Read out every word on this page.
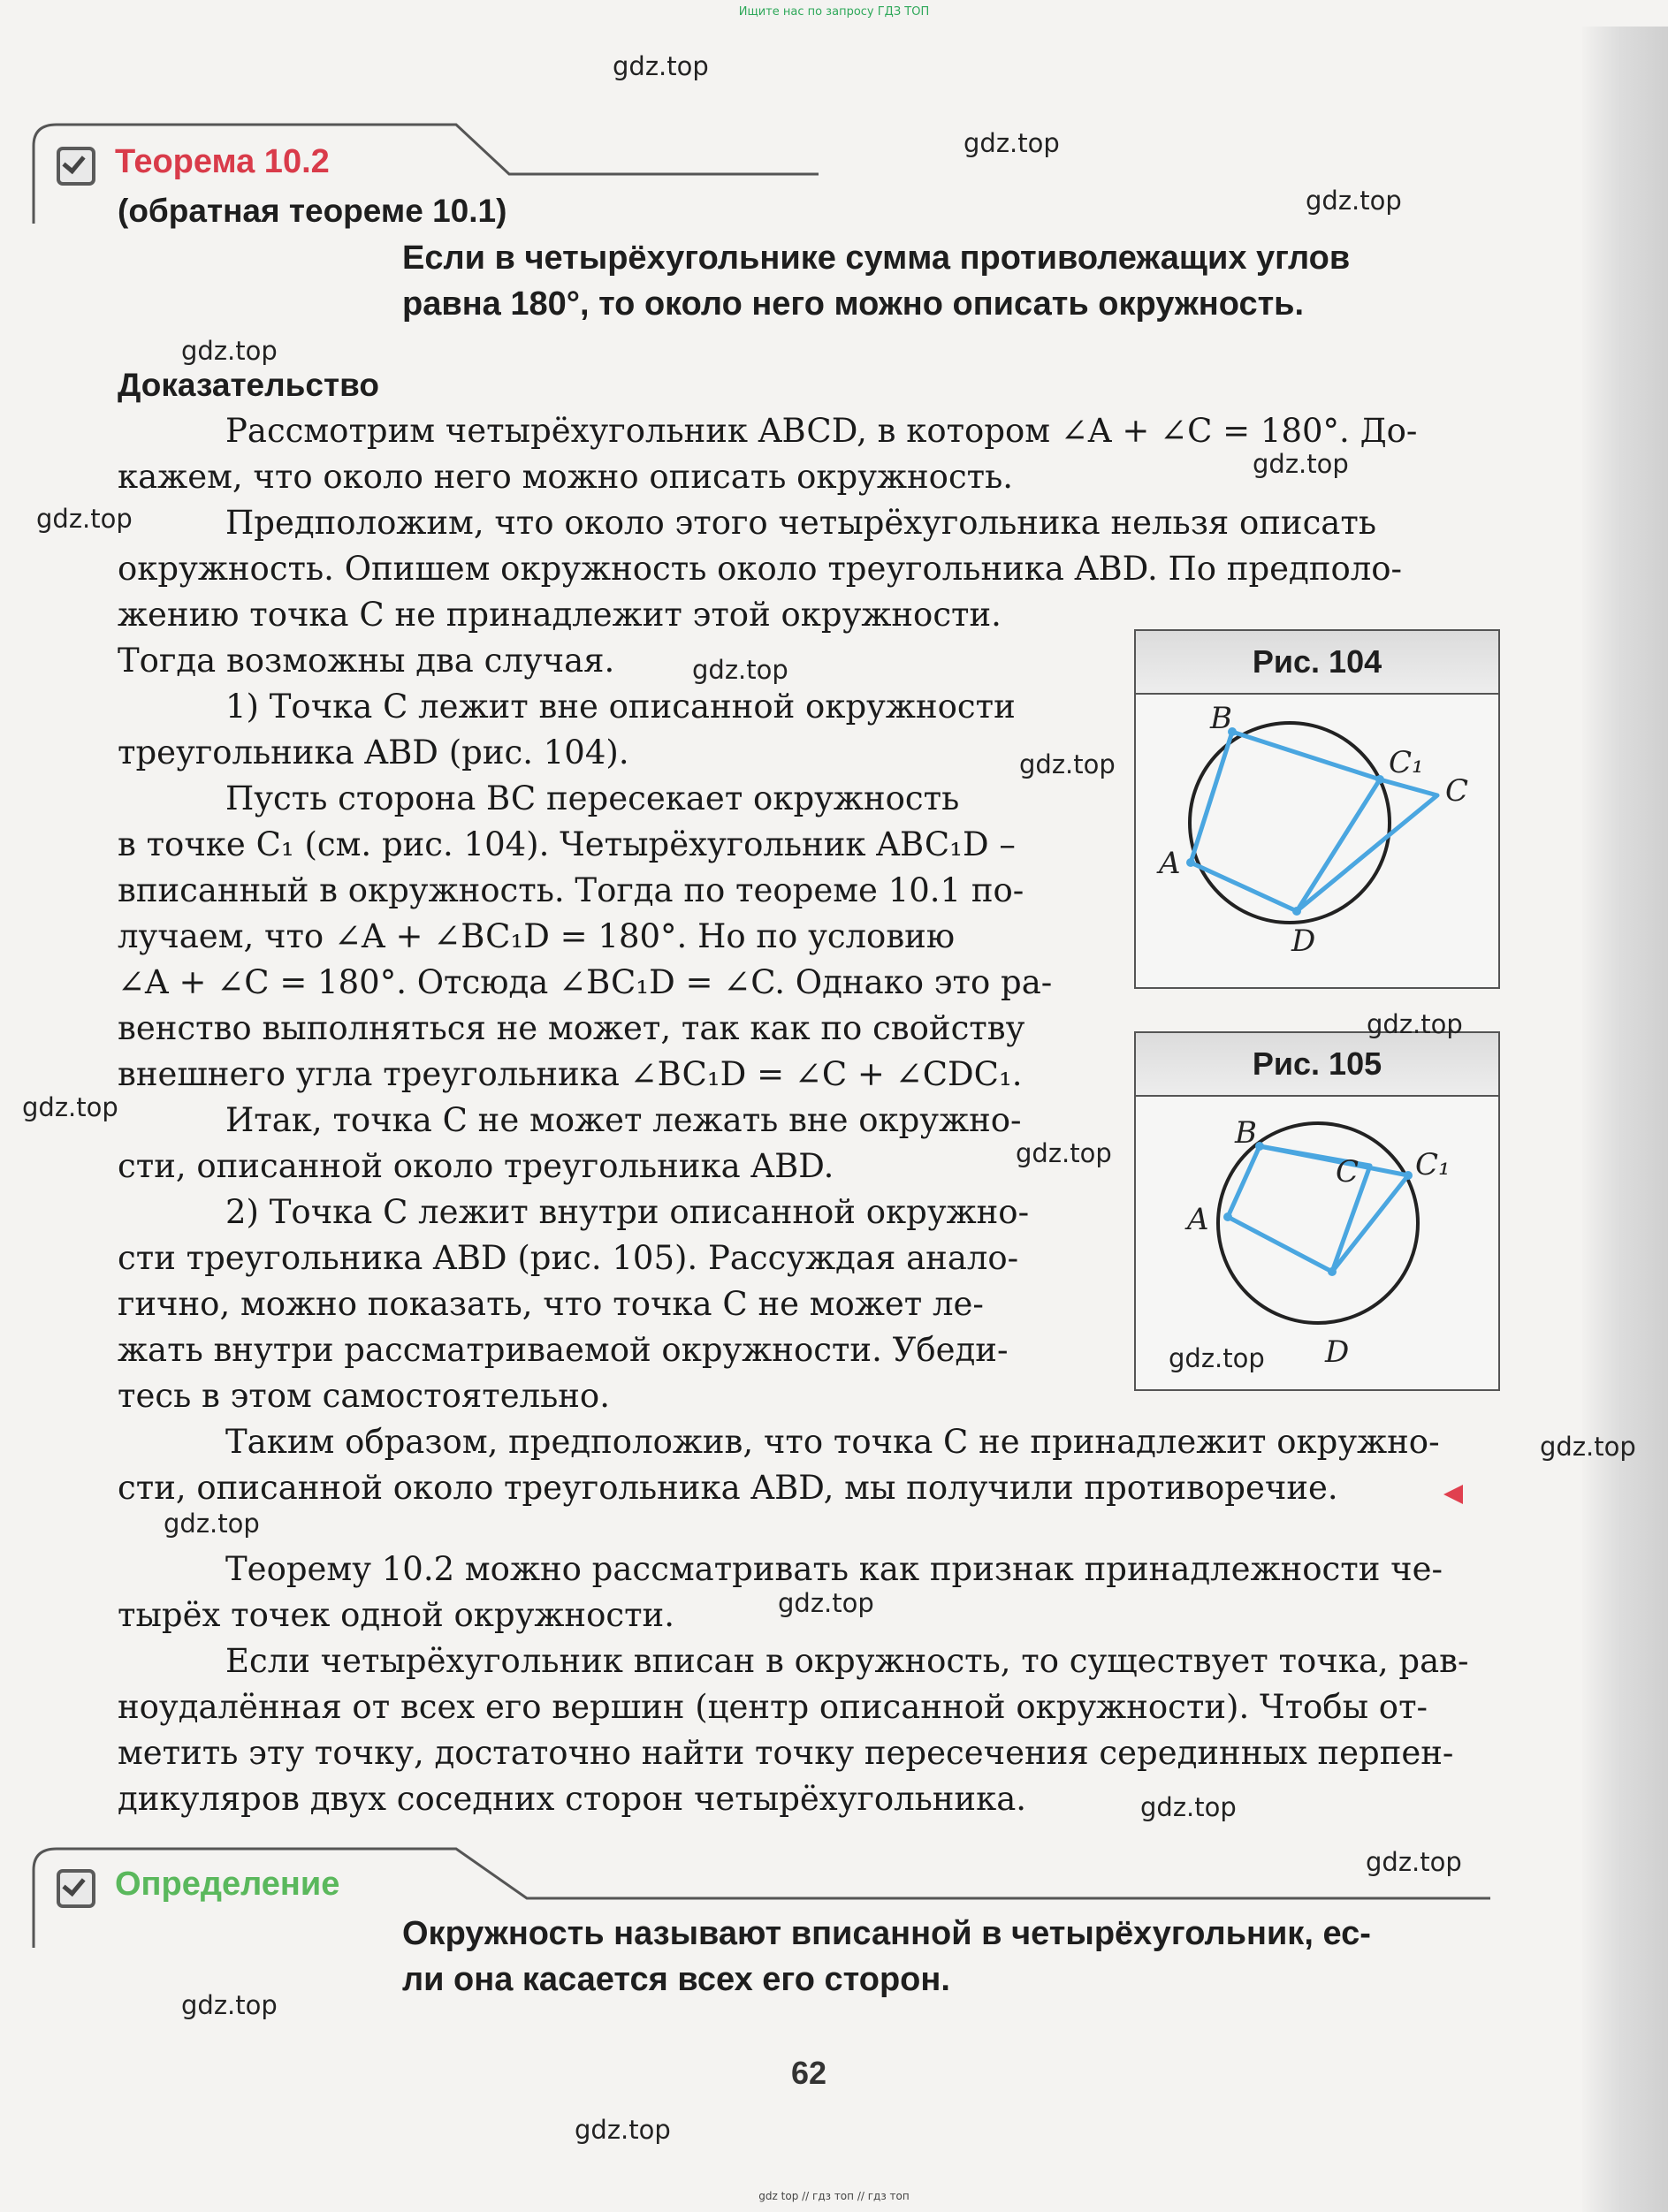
Ищите нас по запросу ГДЗ ТОП
Теорема 10.2
(обратная теореме 10.1)
Если в четырёхугольнике сумма противолежащих углов
равна 180°, то около него можно описать окружность.
Доказательство
Рассмотрим четырёхугольник ABCD, в котором ∠A + ∠C = 180°. До-
кажем, что около него можно описать окружность.
Предположим, что около этого четырёхугольника нельзя описать
окружность. Опишем окружность около треугольника ABD. По предполо-
жению точка C не принадлежит этой окружности.
Тогда возможны два случая.
1) Точка C лежит вне описанной окружности
треугольника ABD (рис. 104).
Пусть сторона BC пересекает окружность
в точке C₁ (см. рис. 104). Четырёхугольник ABC₁D –
вписанный в окружность. Тогда по теореме 10.1 по-
лучаем, что ∠A + ∠BC₁D = 180°. Но по условию
∠A + ∠C = 180°. Отсюда ∠BC₁D = ∠C. Однако это ра-
венство выполняться не может, так как по свойству
внешнего угла треугольника ∠BC₁D = ∠C + ∠CDC₁.
Итак, точка C не может лежать вне окружно-
сти, описанной около треугольника ABD.
2) Точка C лежит внутри описанной окружно-
сти треугольника ABD (рис. 105). Рассуждая анало-
гично, можно показать, что точка C не может ле-
жать внутри рассматриваемой окружности. Убеди-
тесь в этом самостоятельно.
Таким образом, предположив, что точка C не принадлежит окружно-
сти, описанной около треугольника ABD, мы получили противоречие.
Теорему 10.2 можно рассматривать как признак принадлежности че-
тырёх точек одной окружности.
Если четырёхугольник вписан в окружность, то существует точка, рав-
ноудалённая от всех его вершин (центр описанной окружности). Чтобы от-
метить эту точку, достаточно найти точку пересечения серединных перпен-
дикуляров двух соседних сторон четырёхугольника.
Рис. 104
B
C₁
C
A
D
Рис. 105
B
C C₁
A
D
Определение
Окружность называют вписанной в четырёхугольник, ес-
ли она касается всех его сторон.
62
gdz.top
gdz.top
gdz.top
gdz.top
gdz.top
gdz.top
gdz.top
gdz.top
gdz.top
gdz.top
gdz.top
gdz.top
gdz.top
gdz.top
gdz.top
gdz.top
gdz.top
gdz.top
gdz.top
gdz top // гдз топ // гдз топ
